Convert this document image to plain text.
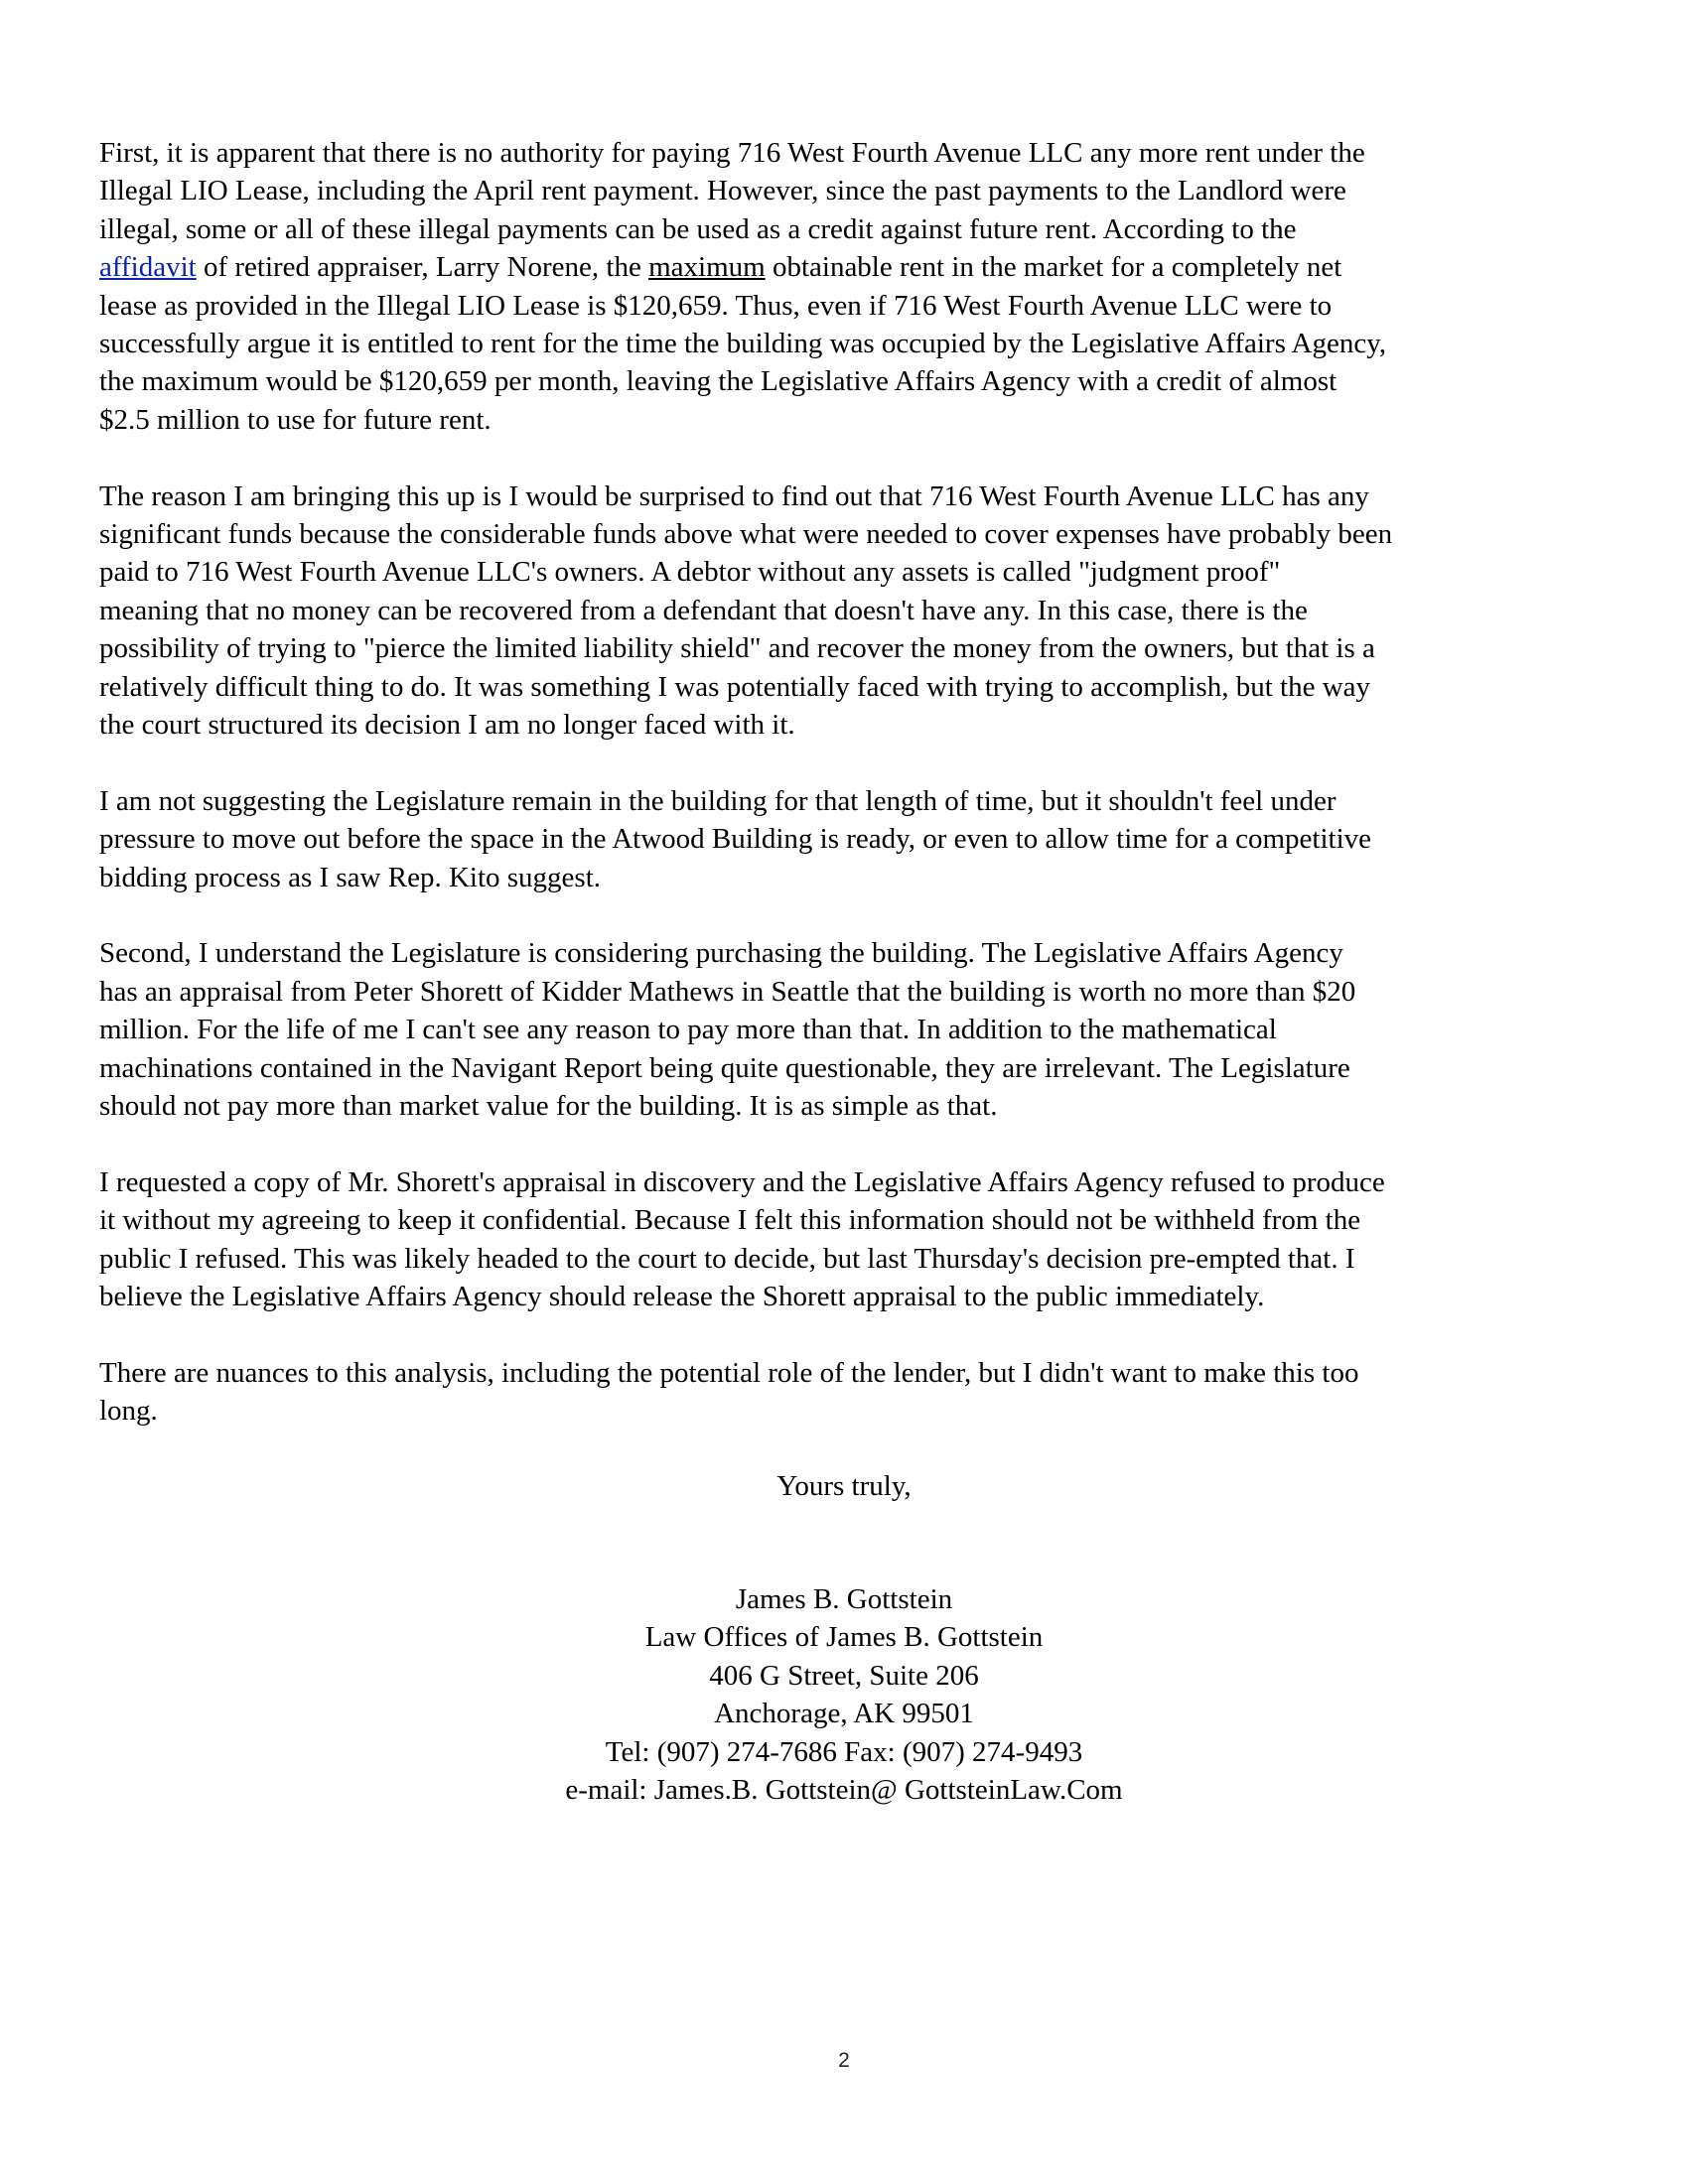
First, it is apparent that there is no authority for paying 716 West Fourth Avenue LLC any more rent under the
Illegal LIO Lease, including the April rent payment. However, since the past payments to the Landlord were
illegal, some or all of these illegal payments can be used as a credit against future rent. According to the
affidavit of retired appraiser, Larry Norene, the maximum obtainable rent in the market for a completely net
lease as provided in the Illegal LIO Lease is $120,659. Thus, even if 716 West Fourth Avenue LLC were to
successfully argue it is entitled to rent for the time the building was occupied by the Legislative Affairs Agency,
the maximum would be $120,659 per month, leaving the Legislative Affairs Agency with a credit of almost
$2.5 million to use for future rent.

The reason I am bringing this up is I would be surprised to find out that 716 West Fourth Avenue LLC has any
significant funds because the considerable funds above what were needed to cover expenses have probably been
paid to 716 West Fourth Avenue LLC's owners. A debtor without any assets is called "judgment proof"
meaning that no money can be recovered from a defendant that doesn't have any. In this case, there is the
possibility of trying to "pierce the limited liability shield" and recover the money from the owners, but that is a
relatively difficult thing to do. It was something I was potentially faced with trying to accomplish, but the way
the court structured its decision I am no longer faced with it.

I am not suggesting the Legislature remain in the building for that length of time, but it shouldn't feel under
pressure to move out before the space in the Atwood Building is ready, or even to allow time for a competitive
bidding process as I saw Rep. Kito suggest.

Second, I understand the Legislature is considering purchasing the building. The Legislative Affairs Agency
has an appraisal from Peter Shorett of Kidder Mathews in Seattle that the building is worth no more than $20
million. For the life of me I can't see any reason to pay more than that. In addition to the mathematical
machinations contained in the Navigant Report being quite questionable, they are irrelevant. The Legislature
should not pay more than market value for the building. It is as simple as that.

I requested a copy of Mr. Shorett's appraisal in discovery and the Legislative Affairs Agency refused to produce
it without my agreeing to keep it confidential. Because I felt this information should not be withheld from the
public I refused. This was likely headed to the court to decide, but last Thursday's decision pre-empted that. I
believe the Legislative Affairs Agency should release the Shorett appraisal to the public immediately.

There are nuances to this analysis, including the potential role of the lender, but I didn't want to make this too
long.

Yours truly,

James B. Gottstein

Law Offices of James B. Gottstein

406 G Street, Suite 206

Anchorage, AK 99501

Tel: (907) 274-7686 Fax: (907) 274-9493

e-mail: James.B. Gottstein@ GottsteinLaw.Com

2
